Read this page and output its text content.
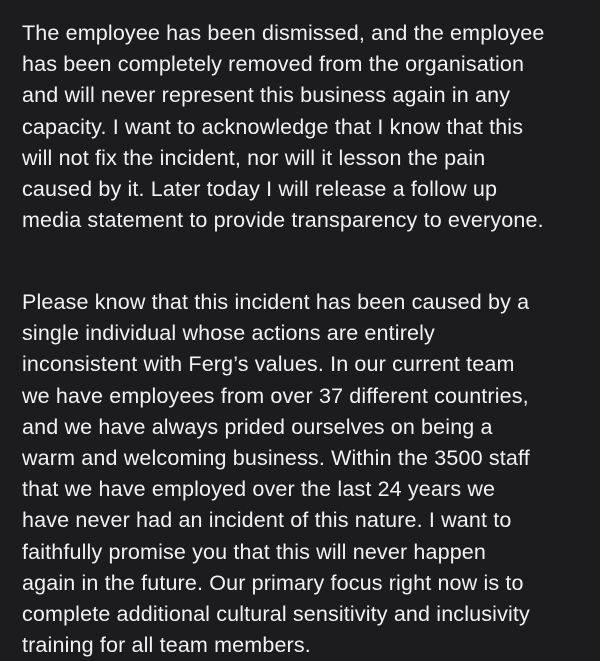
The employee has been dismissed, and the employee
has been completely removed from the organisation
and will never represent this business again in any
capacity. I want to acknowledge that I know that this
will not fix the incident, nor will it lesson the pain
caused by it. Later today I will release a follow up
media statement to provide transparency to everyone.
Please know that this incident has been caused by a
single individual whose actions are entirely
inconsistent with Ferg’s values. In our current team
we have employees from over 37 different countries,
and we have always prided ourselves on being a
warm and welcoming business. Within the 3500 staff
that we have employed over the last 24 years we
have never had an incident of this nature. I want to
faithfully promise you that this will never happen
again in the future. Our primary focus right now is to
complete additional cultural sensitivity and inclusivity
training for all team members.
